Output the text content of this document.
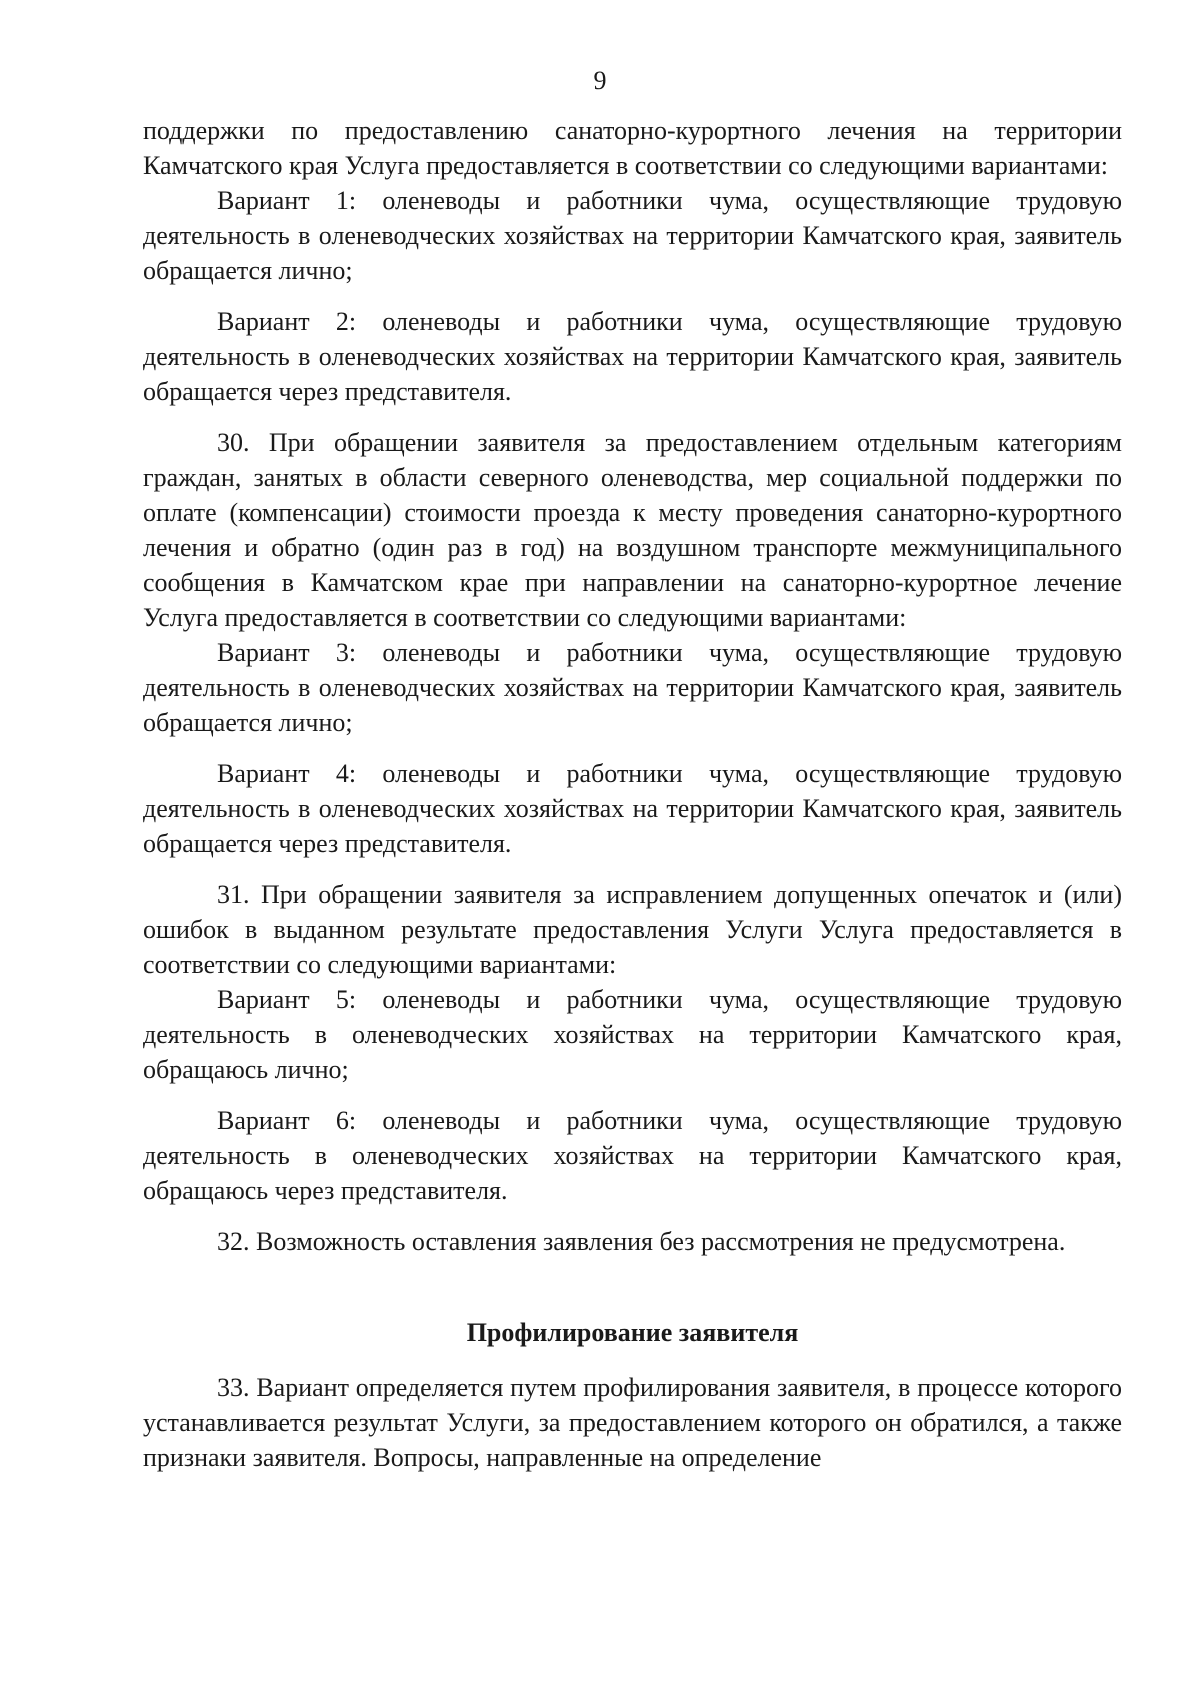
9

поддержки по предоставлению санаторно-курортного лечения на территории Камчатского края Услуга предоставляется в соответствии со следующими вариантами:

Вариант 1: оленеводы и работники чума, осуществляющие трудовую деятельность в оленеводческих хозяйствах на территории Камчатского края, заявитель обращается лично;

Вариант 2: оленеводы и работники чума, осуществляющие трудовую деятельность в оленеводческих хозяйствах на территории Камчатского края, заявитель обращается через представителя.

30. При обращении заявителя за предоставлением отдельным категориям граждан, занятых в области северного оленеводства, мер социальной поддержки по оплате (компенсации) стоимости проезда к месту проведения санаторно-курортного лечения и обратно (один раз в год) на воздушном транспорте межмуниципального сообщения в Камчатском крае при направлении на санаторно-курортное лечение Услуга предоставляется в соответствии со следующими вариантами:

Вариант 3: оленеводы и работники чума, осуществляющие трудовую деятельность в оленеводческих хозяйствах на территории Камчатского края, заявитель обращается лично;

Вариант 4: оленеводы и работники чума, осуществляющие трудовую деятельность в оленеводческих хозяйствах на территории Камчатского края, заявитель обращается через представителя.

31. При обращении заявителя за исправлением допущенных опечаток и (или) ошибок в выданном результате предоставления Услуги Услуга предоставляется в соответствии со следующими вариантами:

Вариант 5: оленеводы и работники чума, осуществляющие трудовую деятельность в оленеводческих хозяйствах на территории Камчатского края, обращаюсь лично;

Вариант 6: оленеводы и работники чума, осуществляющие трудовую деятельность в оленеводческих хозяйствах на территории Камчатского края, обращаюсь через представителя.

32. Возможность оставления заявления без рассмотрения не предусмотрена.

Профилирование заявителя

33. Вариант определяется путем профилирования заявителя, в процессе которого устанавливается результат Услуги, за предоставлением которого он обратился, а также признаки заявителя. Вопросы, направленные на определение
